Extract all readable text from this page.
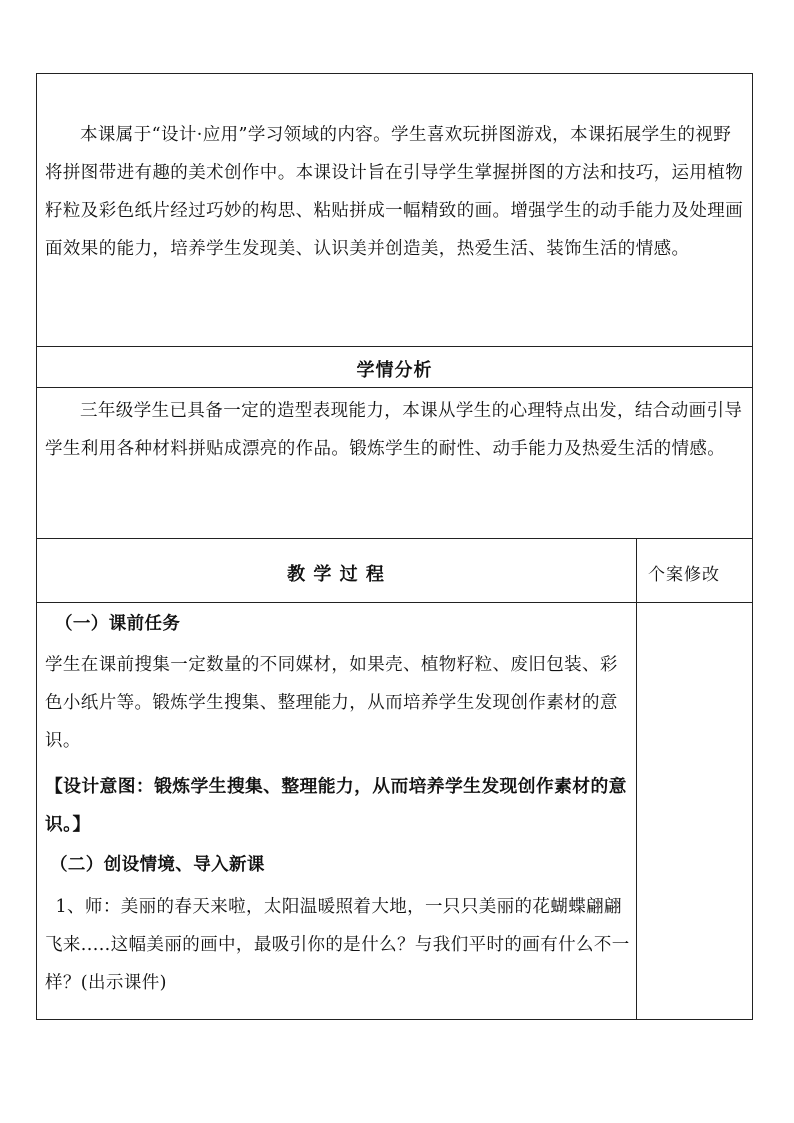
本课属于“设计·应用”学习领域的内容。学生喜欢玩拼图游戏，本课拓展学生的视野将拼图带进有趣的美术创作中。本课设计旨在引导学生掌握拼图的方法和技巧，运用植物籽粒及彩色纸片经过巧妙的构思、粘贴拼成一幅精致的画。增强学生的动手能力及处理画面效果的能力，培养学生发现美、认识美并创造美，热爱生活、装饰生活的情感。
学情分析
三年级学生已具备一定的造型表现能力，本课从学生的心理特点出发，结合动画引导学生利用各种材料拼贴成漂亮的作品。锻炼学生的耐性、动手能力及热爱生活的情感。
教 学 过 程	个案修改
（一）课前任务
学生在课前搜集一定数量的不同媒材，如果壳、植物籽粒、废旧包装、彩色小纸片等。锻炼学生搜集、整理能力，从而培养学生发现创作素材的意识。
【设计意图：锻炼学生搜集、整理能力，从而培养学生发现创作素材的意识。】
（二）创设情境、导入新课
1、师：美丽的春天来啦，太阳温暖照着大地，一只只美丽的花蝴蝶翩翩飞来.....这幅美丽的画中，最吸引你的是什么？与我们平时的画有什么不一样？(出示课件)
